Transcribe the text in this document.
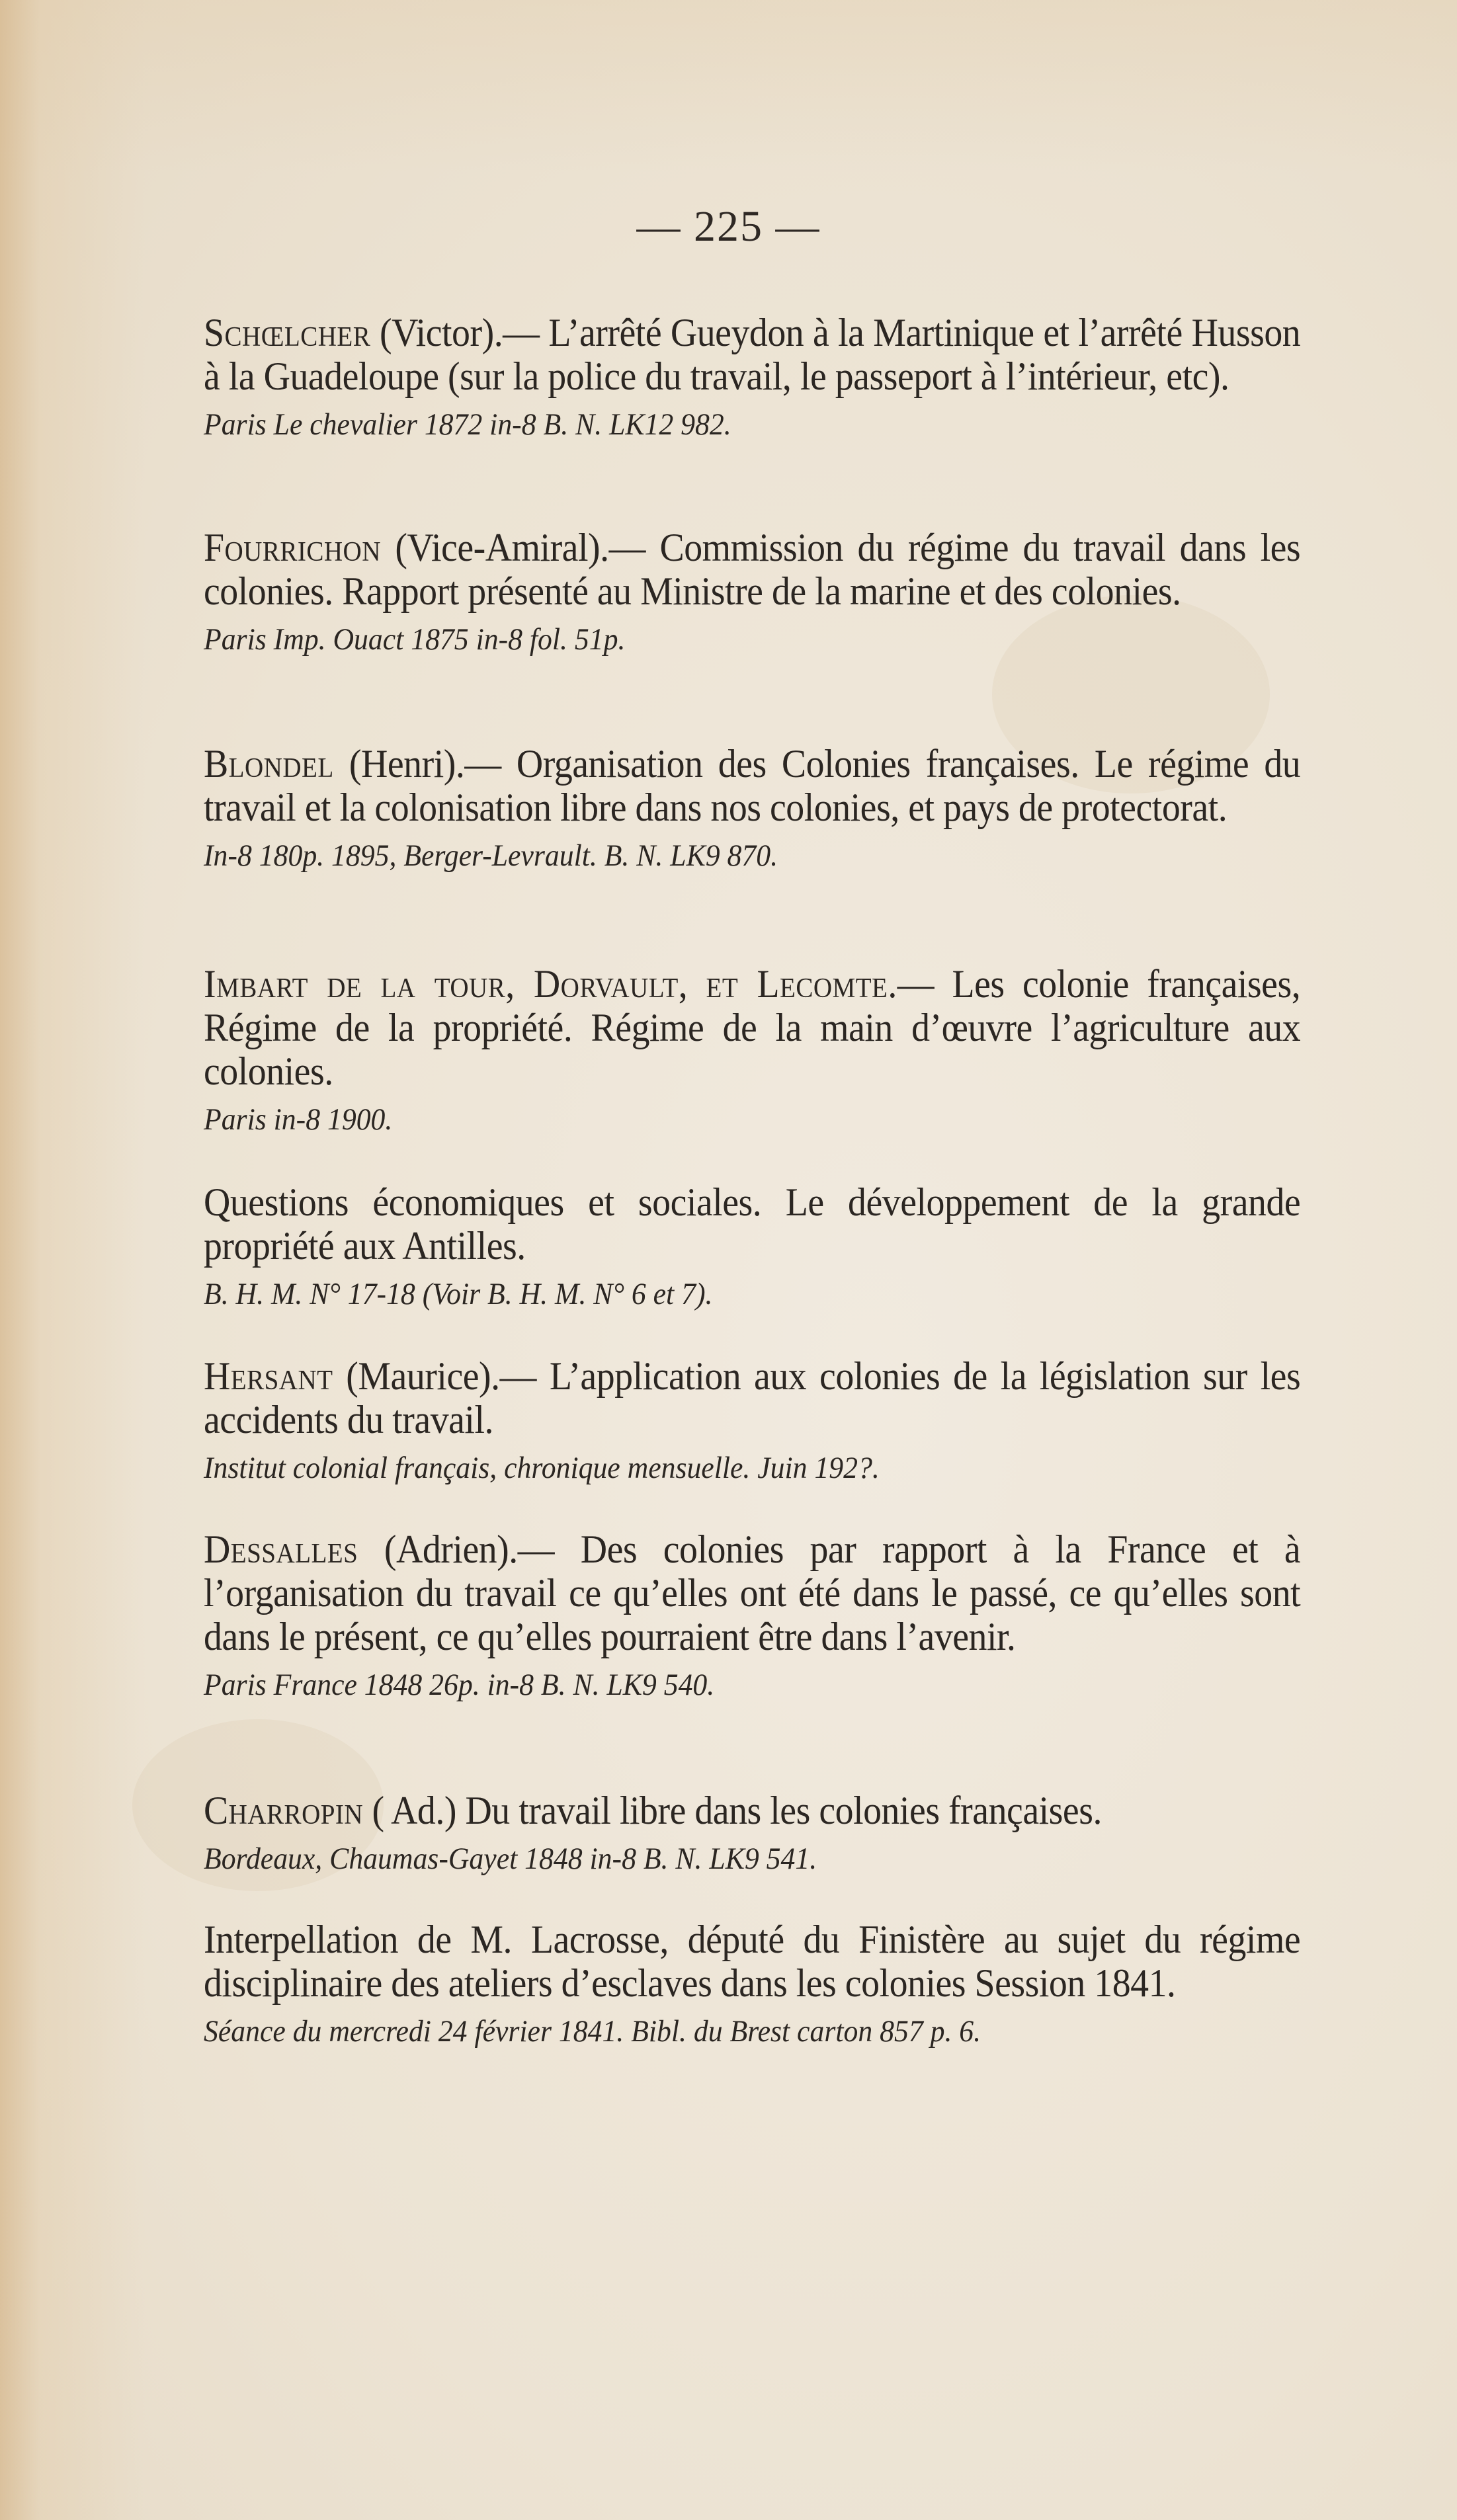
— 225 —

Schœlcher (Victor).— L’arrêté Gueydon à la Martinique et l’arrêté Husson à la Guadeloupe (sur la police du travail, le passeport à l’intérieur, etc).

Paris Le chevalier 1872 in-8 B. N. LK12 982.

Fourrichon (Vice-Amiral).— Commission du régime du travail dans les colonies. Rapport présenté au Ministre de la marine et des colonies.

Paris Imp. Ouact 1875 in-8 fol. 51p.

Blondel (Henri).— Organisation des Colonies françaises. Le régime du travail et la colonisation libre dans nos colonies, et pays de protectorat.

In-8 180p. 1895, Berger-Levrault. B. N. LK9 870.

Imbart de la tour, Dorvault, et Lecomte.— Les colonie françaises, Régime de la propriété. Régime de la main d’œuvre l’agriculture aux colonies.

Paris in-8 1900.

Questions économiques et sociales. Le développement de la grande propriété aux Antilles.

B. H. M. N° 17-18 (Voir B. H. M. N° 6 et 7).

Hersant (Maurice).— L’application aux colonies de la législation sur les accidents du travail.

Institut colonial français, chronique mensuelle. Juin 192?.

Dessalles (Adrien).— Des colonies par rapport à la France et à l’organisation du travail ce qu’elles ont été dans le passé, ce qu’elles sont dans le présent, ce qu’elles pourraient être dans l’avenir.

Paris France 1848 26p. in-8 B. N. LK9 540.

Charropin ( Ad.) Du travail libre dans les colonies françaises.

Bordeaux, Chaumas-Gayet 1848 in-8 B. N. LK9 541.

Interpellation de M. Lacrosse, député du Finistère au sujet du régime disciplinaire des ateliers d’esclaves dans les colonies Session 1841.

Séance du mercredi 24 février 1841. Bibl. du Brest carton 857 p. 6.
